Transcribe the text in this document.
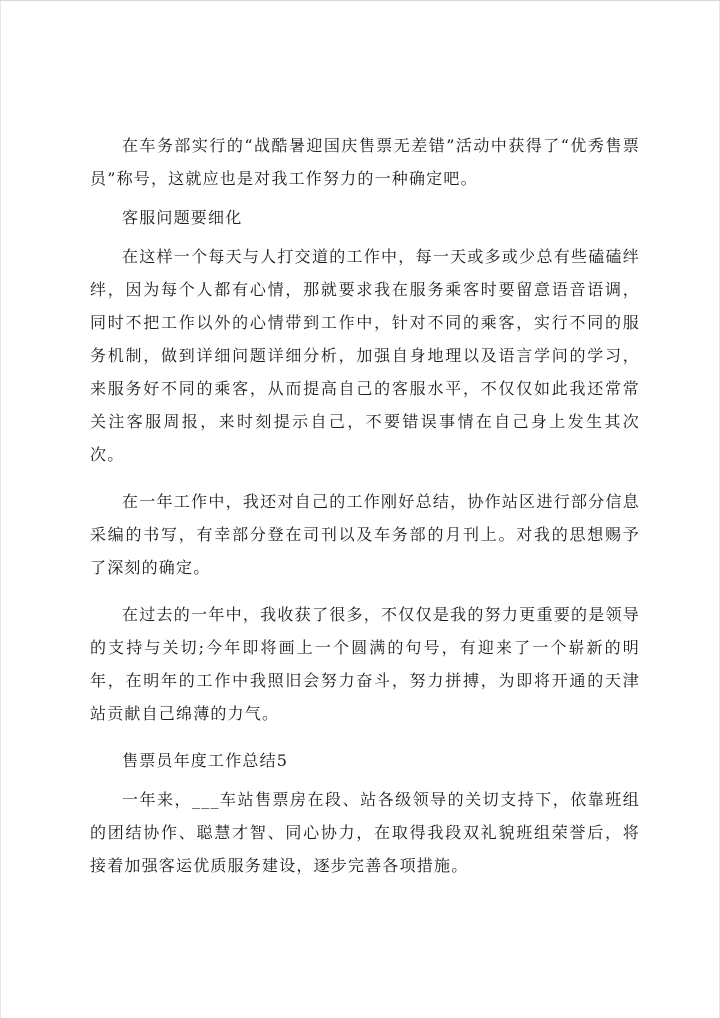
在车务部实行的“战酷暑迎国庆售票无差错”活动中获得了“优秀售票员”称号，这就应也是对我工作努力的一种确定吧。

客服问题要细化

在这样一个每天与人打交道的工作中，每一天或多或少总有些磕磕绊绊，因为每个人都有心情，那就要求我在服务乘客时要留意语音语调，同时不把工作以外的心情带到工作中，针对不同的乘客，实行不同的服务机制，做到详细问题详细分析，加强自身地理以及语言学问的学习，来服务好不同的乘客，从而提高自己的客服水平，不仅仅如此我还常常关注客服周报，来时刻提示自己，不要错误事情在自己身上发生其次次。

在一年工作中，我还对自己的工作刚好总结，协作站区进行部分信息采编的书写，有幸部分登在司刊以及车务部的月刊上。对我的思想赐予了深刻的确定。

在过去的一年中，我收获了很多，不仅仅是我的努力更重要的是领导的支持与关切;今年即将画上一个圆满的句号，有迎来了一个崭新的明年，在明年的工作中我照旧会努力奋斗，努力拼搏，为即将开通的天津站贡献自己绵薄的力气。

售票员年度工作总结5

一年来，___车站售票房在段、站各级领导的关切支持下，依靠班组的团结协作、聪慧才智、同心协力，在取得我段双礼貌班组荣誉后，将接着加强客运优质服务建设，逐步完善各项措施。
